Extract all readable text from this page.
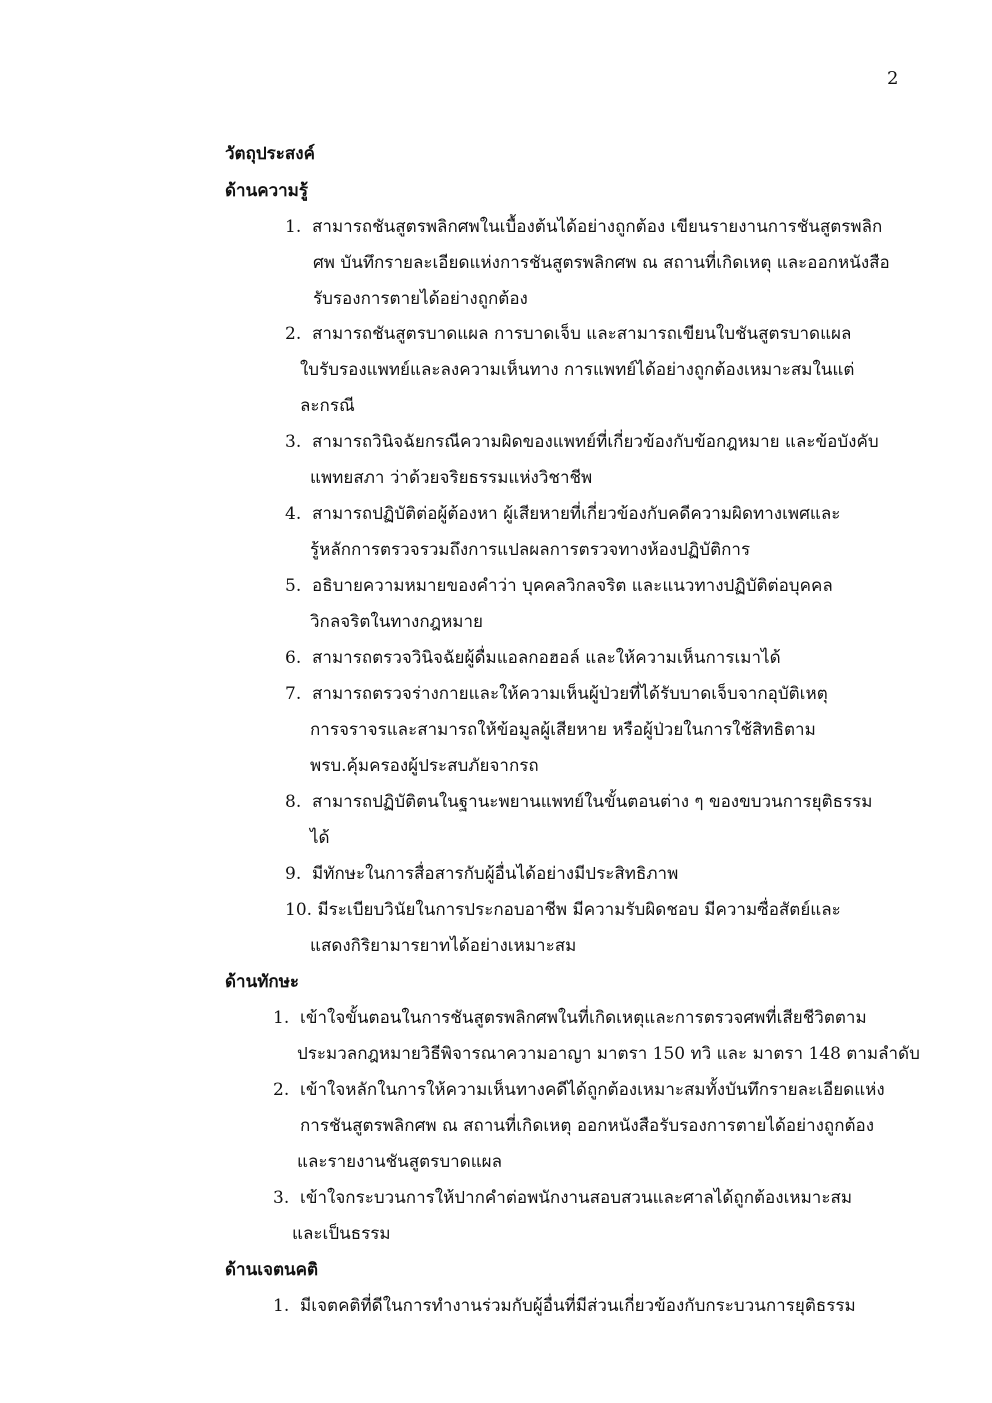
2
วัตถุประสงค์
ด้านความรู้
1. สามารถชันสูตรพลิกศพในเบื้องต้นได้อย่างถูกต้อง เขียนรายงานการชันสูตรพลิก
ศพ บันทึกรายละเอียดแห่งการชันสูตรพลิกศพ ณ สถานที่เกิดเหตุ และออกหนังสือ
รับรองการตายได้อย่างถูกต้อง
2. สามารถชันสูตรบาดแผล การบาดเจ็บ และสามารถเขียนใบชันสูตรบาดแผล
ใบรับรองแพทย์และลงความเห็นทาง การแพทย์ได้อย่างถูกต้องเหมาะสมในแต่
ละกรณี
3. สามารถวินิจฉัยกรณีความผิดของแพทย์ที่เกี่ยวข้องกับข้อกฎหมาย และข้อบังคับ
แพทยสภา ว่าด้วยจริยธรรมแห่งวิชาชีพ
4. สามารถปฏิบัติต่อผู้ต้องหา ผู้เสียหายที่เกี่ยวข้องกับคดีความผิดทางเพศและ
รู้หลักการตรวจรวมถึงการแปลผลการตรวจทางห้องปฏิบัติการ
5. อธิบายความหมายของคำว่า บุคคลวิกลจริต และแนวทางปฏิบัติต่อบุคคล
วิกลจริตในทางกฎหมาย
6. สามารถตรวจวินิจฉัยผู้ดื่มแอลกอฮอล์ และให้ความเห็นการเมาได้
7. สามารถตรวจร่างกายและให้ความเห็นผู้ป่วยที่ได้รับบาดเจ็บจากอุบัติเหตุ
การจราจรและสามารถให้ข้อมูลผู้เสียหาย หรือผู้ป่วยในการใช้สิทธิตาม
พรบ.คุ้มครองผู้ประสบภัยจากรถ
8. สามารถปฏิบัติตนในฐานะพยานแพทย์ในขั้นตอนต่าง ๆ ของขบวนการยุติธรรม
ได้
9. มีทักษะในการสื่อสารกับผู้อื่นได้อย่างมีประสิทธิภาพ
10. มีระเบียบวินัยในการประกอบอาชีพ มีความรับผิดชอบ มีความซื่อสัตย์และ
แสดงกิริยามารยาทได้อย่างเหมาะสม
ด้านทักษะ
1. เข้าใจขั้นตอนในการชันสูตรพลิกศพในที่เกิดเหตุและการตรวจศพที่เสียชีวิตตาม
ประมวลกฎหมายวิธีพิจารณาความอาญา มาตรา 150 ทวิ และ มาตรา 148 ตามลำดับ
2. เข้าใจหลักในการให้ความเห็นทางคดีได้ถูกต้องเหมาะสมทั้งบันทึกรายละเอียดแห่ง
การชันสูตรพลิกศพ ณ สถานที่เกิดเหตุ ออกหนังสือรับรองการตายได้อย่างถูกต้อง
และรายงานชันสูตรบาดแผล
3. เข้าใจกระบวนการให้ปากคำต่อพนักงานสอบสวนและศาลได้ถูกต้องเหมาะสม
และเป็นธรรม
ด้านเจตนคติ
1. มีเจตคติที่ดีในการทำงานร่วมกับผู้อื่นที่มีส่วนเกี่ยวข้องกับกระบวนการยุติธรรม
